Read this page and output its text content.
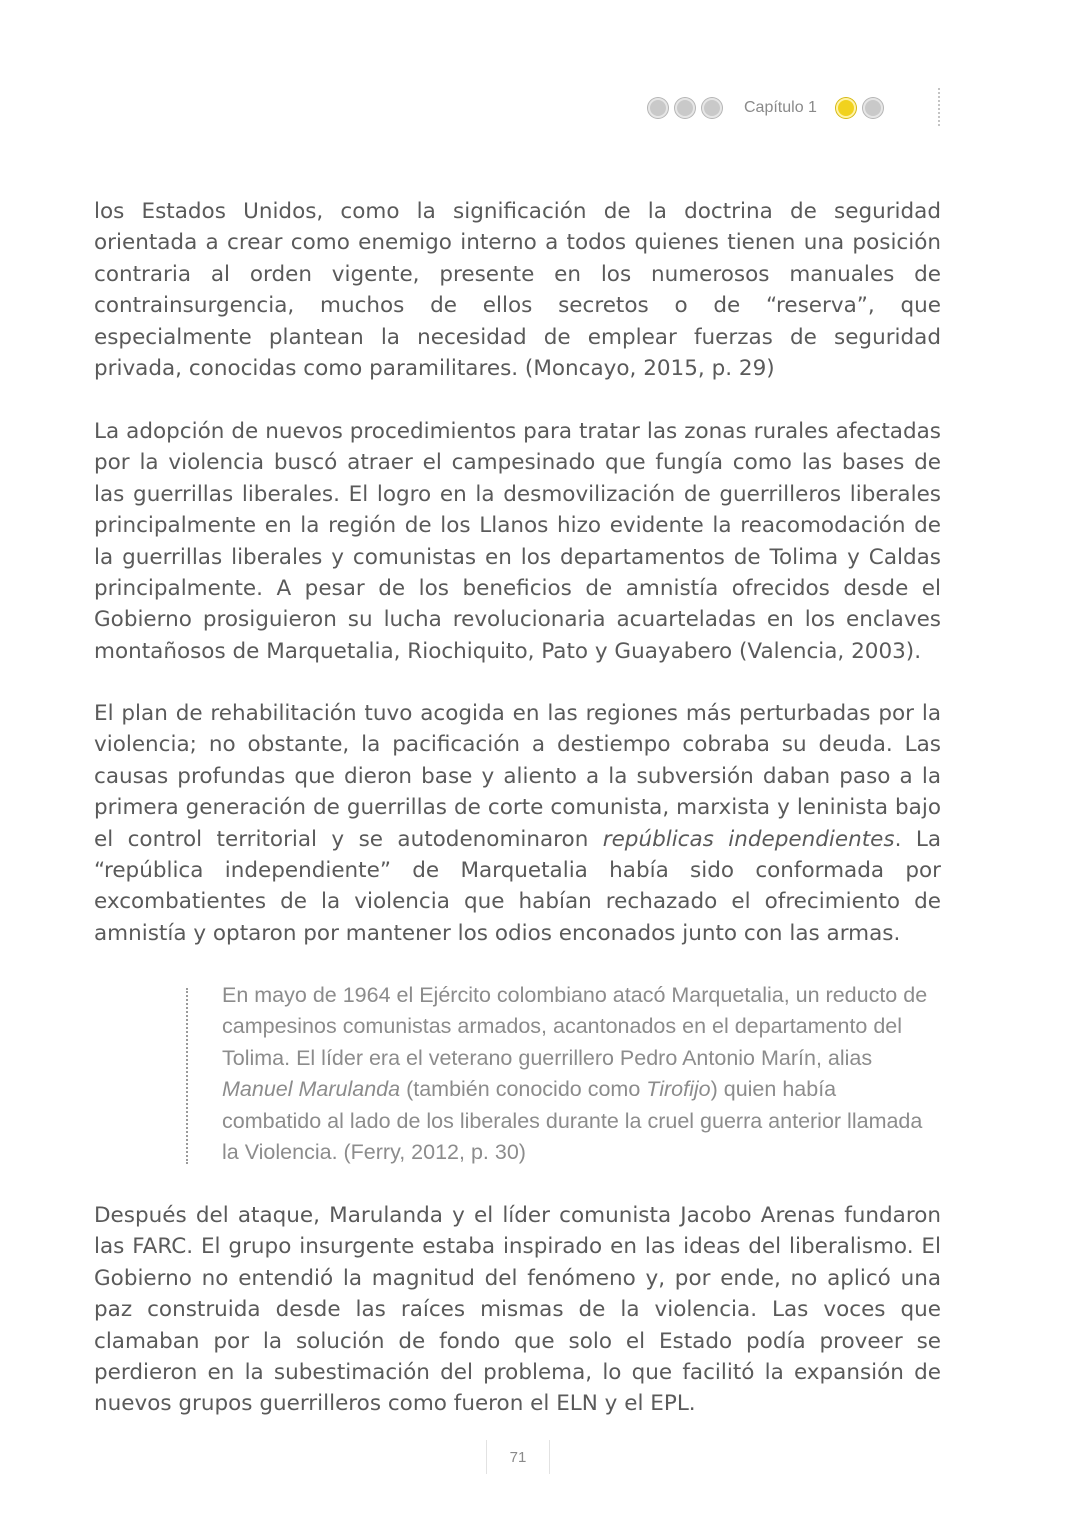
Capítulo 1

los Estados Unidos, como la significación de la doctrina de seguridad orientada a crear como enemigo interno a todos quienes tienen una posición contraria al orden vigente, presente en los numerosos manuales de contrainsurgencia, muchos de ellos secretos o de “reserva”, que especialmente plantean la necesidad de emplear fuerzas de seguridad privada, conocidas como paramilitares. (Moncayo, 2015, p. 29)

La adopción de nuevos procedimientos para tratar las zonas rurales afectadas por la violencia buscó atraer el campesinado que fungía como las bases de las guerrillas liberales. El logro en la desmovilización de guerrilleros liberales principalmente en la región de los Llanos hizo evidente la reacomodación de la guerrillas liberales y comunistas en los departamentos de Tolima y Caldas principalmente. A pesar de los beneficios de amnistía ofrecidos desde el Gobierno prosiguieron su lucha revolucionaria acuarteladas en los enclaves montañosos de Marquetalia, Riochiquito, Pato y Guayabero (Valencia, 2003).

El plan de rehabilitación tuvo acogida en las regiones más perturbadas por la violencia; no obstante, la pacificación a destiempo cobraba su deuda. Las causas profundas que dieron base y aliento a la subversión daban paso a la primera generación de guerrillas de corte comunista, marxista y leninista bajo el control territorial y se autodenominaron repúblicas independientes. La “república independiente” de Marquetalia había sido conformada por excombatientes de la violencia que habían rechazado el ofrecimiento de amnistía y optaron por mantener los odios enconados junto con las armas.

En mayo de 1964 el Ejército colombiano atacó Marquetalia, un reducto de campesinos comunistas armados, acantonados en el departamento del Tolima. El líder era el veterano guerrillero Pedro Antonio Marín, alias Manuel Marulanda (también conocido como Tirofijo) quien había combatido al lado de los liberales durante la cruel guerra anterior llamada la Violencia. (Ferry, 2012, p. 30)

Después del ataque, Marulanda y el líder comunista Jacobo Arenas fundaron las FARC. El grupo insurgente estaba inspirado en las ideas del liberalismo. El Gobierno no entendió la magnitud del fenómeno y, por ende, no aplicó una paz construida desde las raíces mismas de la violencia. Las voces que clamaban por la solución de fondo que solo el Estado podía proveer se perdieron en la subestimación del problema, lo que facilitó la expansión de nuevos grupos guerrilleros como fueron el ELN y el EPL.

71
